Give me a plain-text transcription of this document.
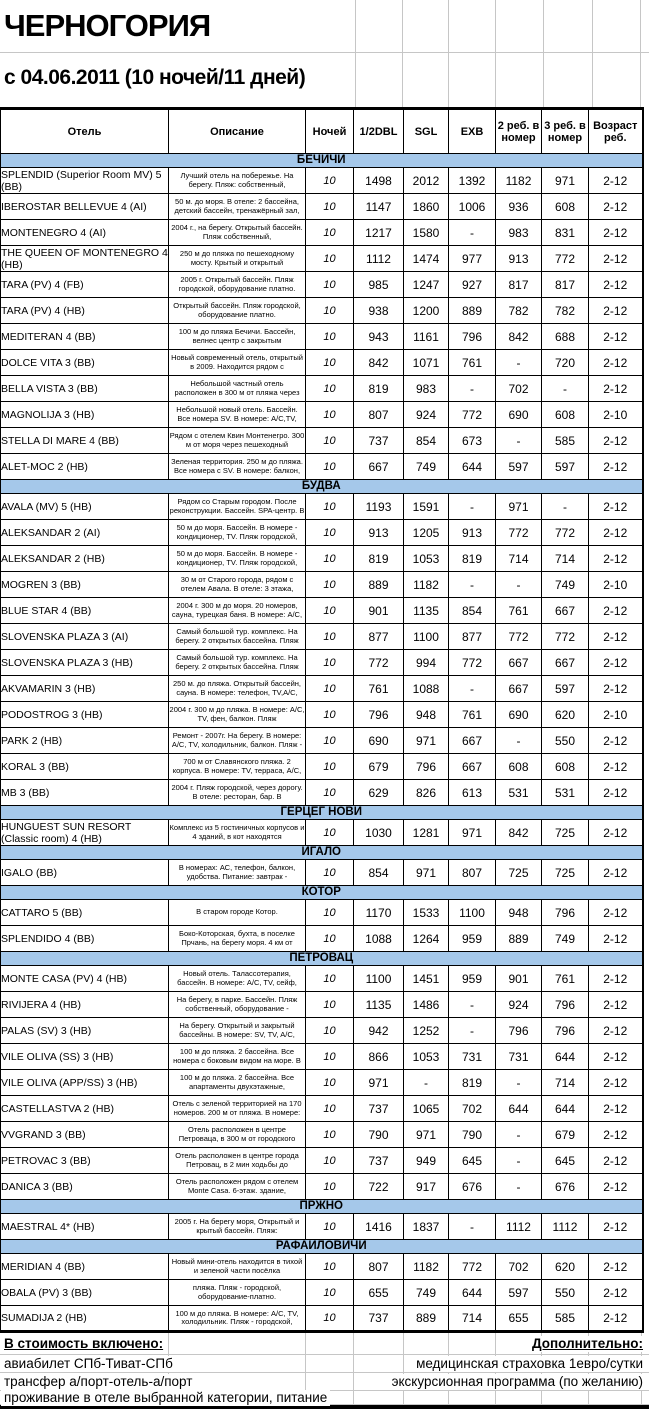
ЧЕРНОГОРИЯ
с 04.06.2011 (10 ночей/11 дней)
Отель	Описание	Ночей	1/2DBL	SGL	EXB	2 реб. в номер	3 реб. в номер	Возраст реб.
БЕЧИЧИ								
SPLENDID (Superior Room MV) 5 (BB)	Лучший отель на побережье. На берегу. Пляж: собственный,	10	1498	2012	1392	1182	971	2-12
IBEROSTAR BELLEVUE 4 (AI)	50 м. до моря. В отеле: 2 бассейна, детский бассейн, тренажёрный зал,	10	1147	1860	1006	936	608	2-12
MONTENEGRO 4 (AI)	2004 г., на берегу. Открытый бассейн. Пляж собственный,	10	1217	1580	-	983	831	2-12
THE QUEEN OF MONTENEGRO 4 (HB)	250 м до пляжа по пешеходному мосту. Крытый и открытый	10	1112	1474	977	913	772	2-12
TARA (PV) 4 (FB)	2005 г. Открытый бассейн. Пляж городской, оборудование платно.	10	985	1247	927	817	817	2-12
TARA (PV) 4 (HB)	Открытый бассейн. Пляж городской, оборудование платно.	10	938	1200	889	782	782	2-12
MEDITERAN 4 (BB)	100 м до пляжа Бечичи. Бассейн, велнес центр с закрытым	10	943	1161	796	842	688	2-12
DOLCE VITA 3 (BB)	Новый современный отель, открытый в 2009. Находится рядом с	10	842	1071	761	-	720	2-12
BELLA VISTA 3 (BB)	Небольшой частный отель расположен в 300 м от пляжа через	10	819	983	-	702	-	2-12
MAGNOLIJA 3 (HB)	Небольшой новый отель. Бассейн. Все номера SV. В номере: A/C,TV,	10	807	924	772	690	608	2-10
STELLA DI MARE 4 (BB)	Рядом с отелем Квин Монтенегро. 300 м от моря через пешеходный	10	737	854	673	-	585	2-12
ALET-MOC 2 (HB)	Зеленая территория. 250 м до пляжа. Все номера с SV. В номере: балкон,	10	667	749	644	597	597	2-12
БУДВА								
AVALA (MV) 5 (HB)	Рядом со Старым городом. После реконструкции. Бассейн. SPA-центр. В	10	1193	1591	-	971	-	2-12
ALEKSANDAR 2 (AI)	50 м до моря. Бассейн. В номере - кондиционер, TV. Пляж городской,	10	913	1205	913	772	772	2-12
ALEKSANDAR 2 (HB)	50 м до моря. Бассейн. В номере - кондиционер, TV. Пляж городской,	10	819	1053	819	714	714	2-12
MOGREN 3 (BB)	30 м от Старого города, рядом с отелем Авала. В отеле: 3 этажа,	10	889	1182	-	-	749	2-10
BLUE STAR 4 (BB)	2004 г. 300 м до моря. 20 номеров, сауна, турецкая баня. В номере: A/C,	10	901	1135	854	761	667	2-12
SLOVENSKA PLAZA 3 (AI)	Самый большой тур. комплекс. На берегу. 2 открытых бассейна. Пляж	10	877	1100	877	772	772	2-12
SLOVENSKA PLAZA 3 (HB)	Самый большой тур. комплекс. На берегу. 2 открытых бассейна. Пляж	10	772	994	772	667	667	2-12
AKVAMARIN 3 (HB)	250 м. до пляжа. Открытый бассейн, сауна. В номере: телефон, TV,A/C,	10	761	1088	-	667	597	2-12
PODOSTROG 3 (HB)	2004 г. 300 м до пляжа. В номере: A/C, TV, фен, балкон. Пляж	10	796	948	761	690	620	2-10
PARK 2 (HB)	Ремонт - 2007г. На берегу. В номере: A/C, TV, холодильник, балкон. Пляж -	10	690	971	667	-	550	2-12
KORAL 3 (BB)	700 м от Славянского пляжа. 2 корпуса. В номере: TV, терраса, A/C,	10	679	796	667	608	608	2-12
MB 3 (BB)	2004 г. Пляж городской, через дорогу. В отеле: ресторан, бар. В	10	629	826	613	531	531	2-12
ГЕРЦЕГ НОВИ								
HUNGUEST SUN RESORT (Classic room) 4 (HB)	Комплекс из 5 гостиничных корпусов и 4 зданий, в кот находятся	10	1030	1281	971	842	725	2-12
ИГАЛО								
IGALO (BB)	В номерах: АС, телефон, балкон, удобства. Питание: завтрак -	10	854	971	807	725	725	2-12
КОТОР								
CATTARO 5 (BB)	В старом городе Котор.	10	1170	1533	1100	948	796	2-12
SPLENDIDO 4 (BB)	Боко-Которская, бухта, в поселке Прчань, на берегу моря. 4 км от	10	1088	1264	959	889	749	2-12
ПЕТРОВАЦ								
MONTE CASA (PV) 4 (HB)	Новый отель. Талассотерапия, бассейн. В номере: A/C, TV, сейф,	10	1100	1451	959	901	761	2-12
RIVIJERA 4 (HB)	На берегу, в парке. Бассейн. Пляж собственный, оборудование -	10	1135	1486	-	924	796	2-12
PALAS (SV) 3 (HB)	На берегу. Открытый и закрытый бассейны. В номере: SV, TV, A/C,	10	942	1252	-	796	796	2-12
VILE OLIVA (SS) 3 (HB)	100 м до пляжа. 2 бассейна. Все номера с боковым видом на море. В	10	866	1053	731	731	644	2-12
VILE OLIVA (APP/SS) 3 (HB)	100 м до пляжа. 2 бассейна. Все апартаменты двухэтажные,	10	971	-	819	-	714	2-12
CASTELLASTVA 2 (HB)	Отель с зеленой территорией на 170 номеров. 200 м от пляжа. В номере:	10	737	1065	702	644	644	2-12
VVGRAND 3 (BB)	Отель расположен в центре Петроваца, в 300 м от городского	10	790	971	790	-	679	2-12
PETROVAC 3 (BB)	Отель расположен в центре города Петровац, в 2 мин ходьбы до	10	737	949	645	-	645	2-12
DANICA 3 (BB)	Отель расположен рядом с отелем Monte Casa. 6-этаж. здание,	10	722	917	676	-	676	2-12
ПРЖНО								
MAESTRAL 4* (HB)	2005 г. На берегу моря, Открытый и крытый бассейн. Пляж:	10	1416	1837	-	1112	1112	2-12
РАФАИЛОВИЧИ								
MERIDIAN 4 (BB)	Новый мини-отель находится в тихой и зеленой части посёлка	10	807	1182	772	702	620	2-12
OBALA (PV) 3 (BB)	пляжа. Пляж - городской, оборудование-платно.	10	655	749	644	597	550	2-12
SUMADIJA 2 (HB)	100 м до пляжа. В номере: A/C, TV, холодильник. Пляж - городской,	10	737	889	714	655	585	2-12
В стоимость включено:	Дополнительно:
авиабилет СПб-Тиват-СПб	медицинская страховка 1евро/сутки
трансфер а/порт-отель-а/порт	экскурсионная программа (по желанию)
проживание в отеле выбранной категории, питание
